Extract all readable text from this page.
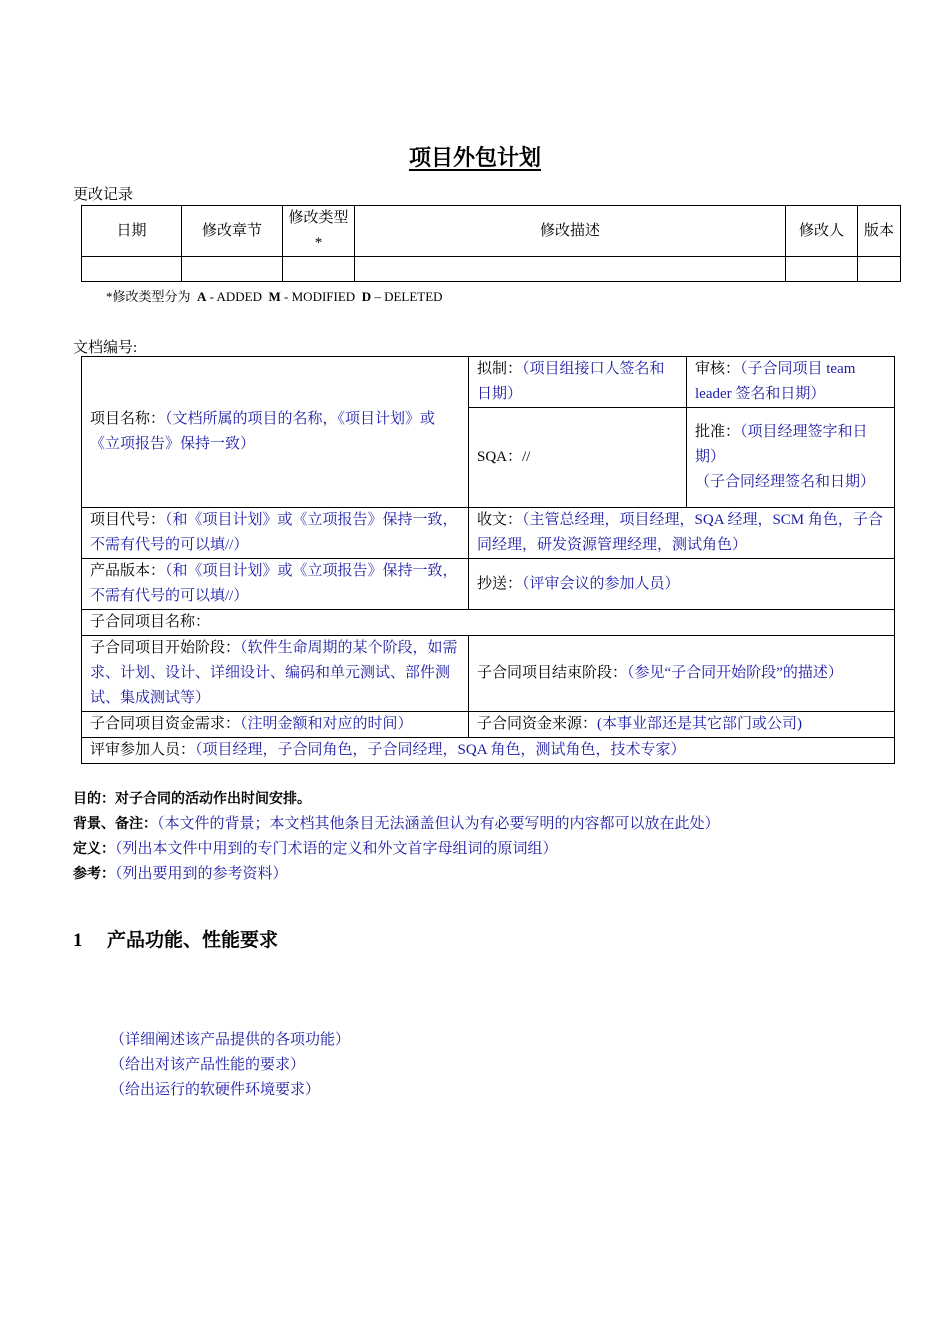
项目外包计划
更改记录
日期	修改章节	修改类型*	修改描述	修改人	版本

*修改类型分为 A - ADDED M - MODIFIED D – DELETED
文档编号:
项目名称：（文档所属的项目的名称，《项目计划》或《立项报告》保持一致）	拟制：（项目组接口人签名和日期）	审核：（子合同项目 team leader 签名和日期）
	SQA：//	批准：（项目经理签字和日期）
（子合同经理签名和日期）
项目代号：（和《项目计划》或《立项报告》保持一致，不需有代号的可以填//）	收文：（主管总经理，项目经理，SQA 经理，SCM 角色，子合同经理，研发资源管理经理，测试角色）	
产品版本：（和《项目计划》或《立项报告》保持一致，不需有代号的可以填//）	抄送：（评审会议的参加人员）	
子合同项目名称：		
子合同项目开始阶段：（软件生命周期的某个阶段，如需求、计划、设计、详细设计、编码和单元测试、部件测试、集成测试等）	子合同项目结束阶段：（参见“子合同开始阶段”的描述）	
子合同项目资金需求：（注明金额和对应的时间）	子合同资金来源：(本事业部还是其它部门或公司)	
评审参加人员：（项目经理，子合同角色，子合同经理，SQA 角色，测试角色，技术专家）		
目的：对子合同的活动作出时间安排。
背景、备注：（本文件的背景；本文档其他条目无法涵盖但认为有必要写明的内容都可以放在此处）
定义：（列出本文件中用到的专门术语的定义和外文首字母组词的原词组）
参考：（列出要用到的参考资料）
1 产品功能、性能要求
（详细阐述该产品提供的各项功能）
（给出对该产品性能的要求）
（给出运行的软硬件环境要求）
